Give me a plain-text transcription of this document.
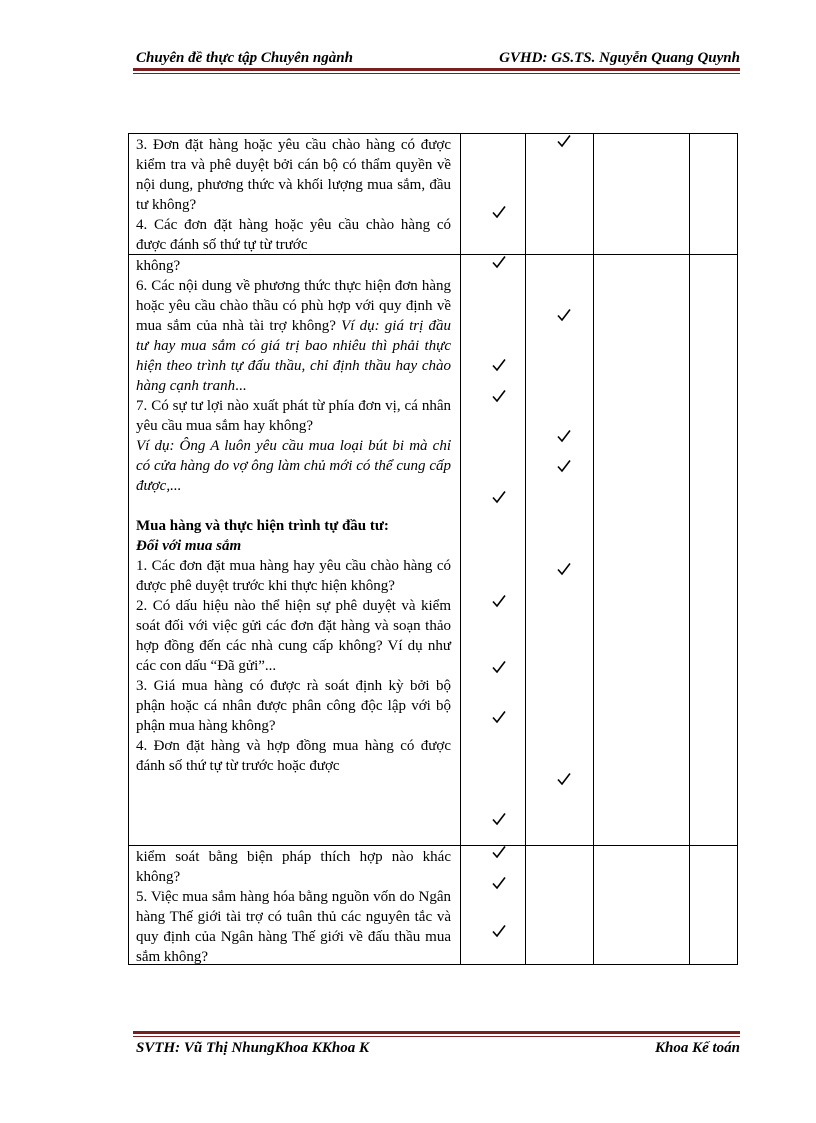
Chuyên đề thực tập Chuyên ngành	GVHD: GS.TS. Nguyễn Quang Quynh

3. Đơn đặt hàng hoặc yêu cầu chào hàng có được kiểm tra và phê duyệt bởi cán bộ có thẩm quyền về nội dung, phương thức và khối lượng mua sắm, đầu tư không?

4. Các đơn đặt hàng hoặc yêu cầu chào hàng có được đánh số thứ tự từ trước

không?

6. Các nội dung về phương thức thực hiện đơn hàng hoặc yêu cầu chào thầu có phù hợp với quy định về mua sắm của nhà tài trợ không? Ví dụ: giá trị đầu tư hay mua sắm có giá trị bao nhiêu thì phải thực hiện theo trình tự đấu thầu, chỉ định thầu hay chào hàng cạnh tranh...

7. Có sự tư lợi nào xuất phát từ phía đơn vị, cá nhân yêu cầu mua sắm hay không?

Ví dụ: Ông A luôn yêu cầu mua loại bút bi mà chỉ có cửa hàng do vợ ông làm chủ mới có thể cung cấp được,...

Mua hàng và thực hiện trình tự đầu tư:

Đối với mua sắm

1. Các đơn đặt mua hàng hay yêu cầu chào hàng có được phê duyệt trước khi thực hiện không?

2. Có dấu hiệu nào thể hiện sự phê duyệt và kiểm soát đối với việc gửi các đơn đặt hàng và soạn thảo hợp đồng đến các nhà cung cấp không? Ví dụ như các con dấu “Đã gửi”...

3. Giá mua hàng có được rà soát định kỳ bởi bộ phận hoặc cá nhân được phân công độc lập với bộ phận mua hàng không?

4. Đơn đặt hàng và hợp đồng mua hàng có được đánh số thứ tự từ trước hoặc được

kiểm soát bằng biện pháp thích hợp nào khác không?

5. Việc mua sắm hàng hóa bằng nguồn vốn do Ngân hàng Thế giới tài trợ có tuân thủ các nguyên tắc và quy định của Ngân hàng Thế giới về đấu thầu mua sắm không?

SVTH: Vũ Thị NhungKhoa KKhoa K	Khoa Kế toán
